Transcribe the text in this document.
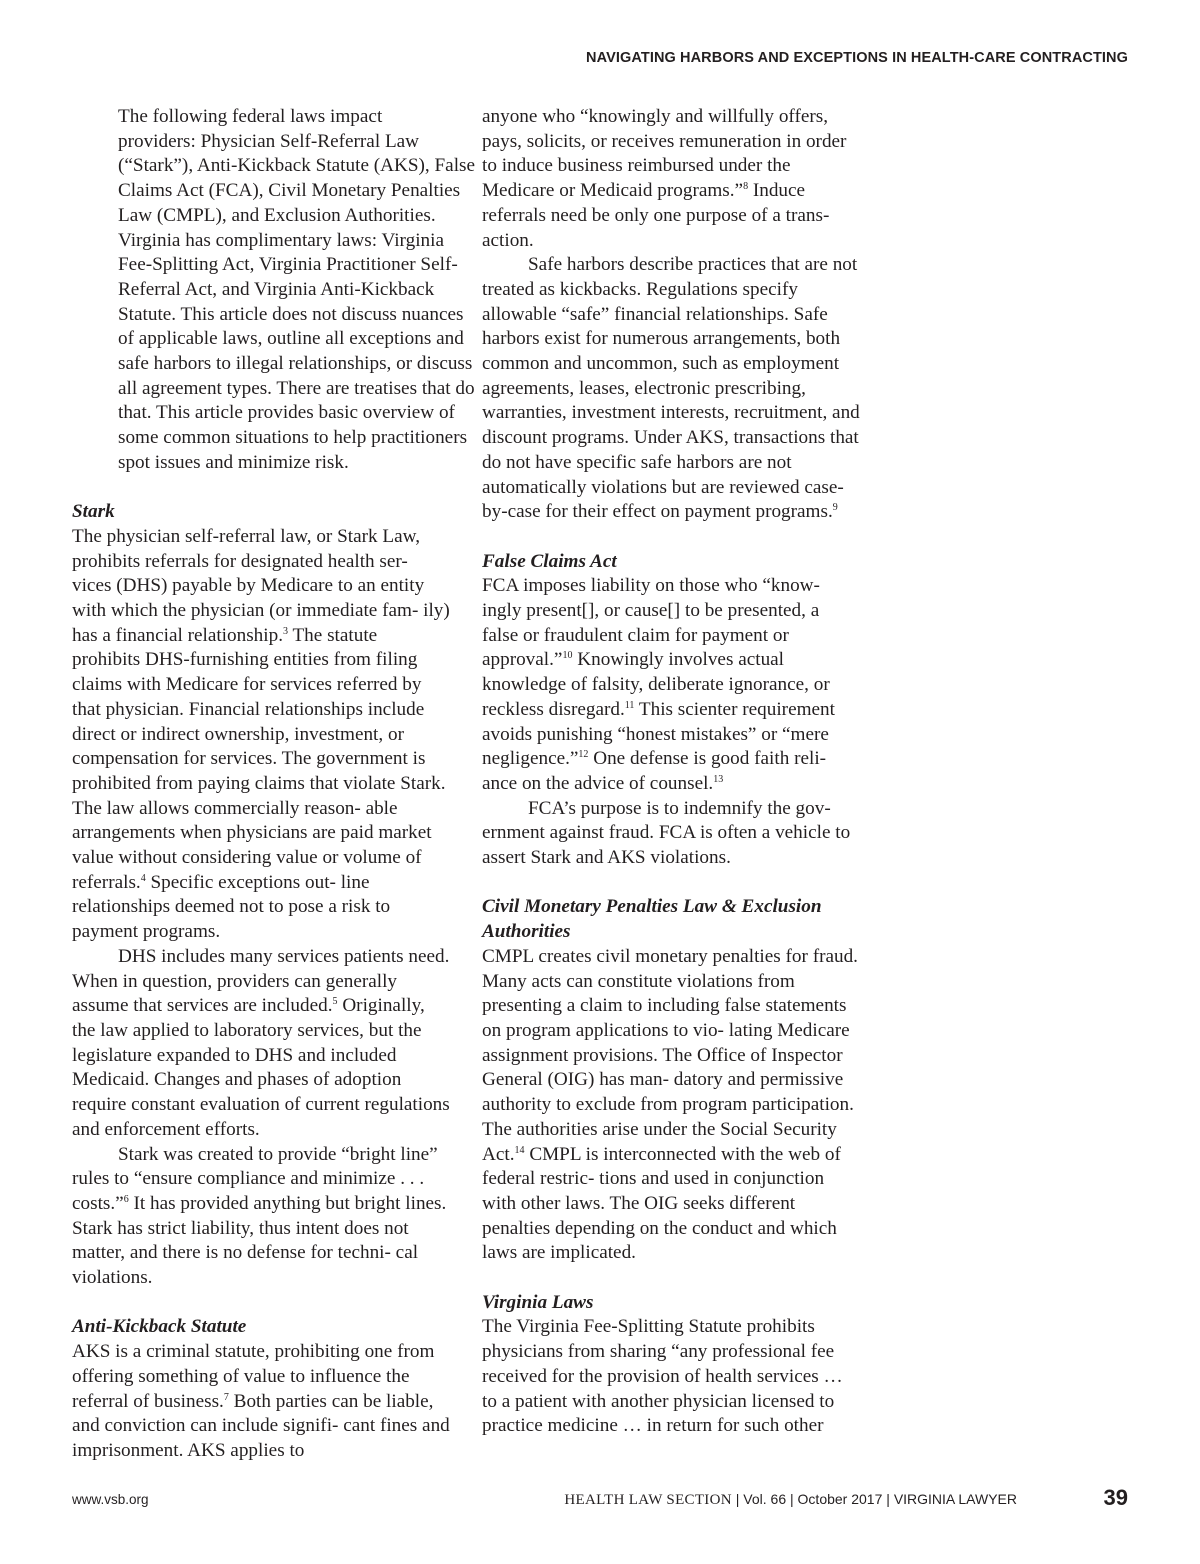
NAVIGATING HARBORS AND EXCEPTIONS IN HEALTH-CARE CONTRACTING

The following federal laws impact
providers: Physician Self-Referral Law
(“Stark”), Anti-Kickback Statute (AKS), False
Claims Act (FCA), Civil Monetary Penalties
Law (CMPL), and Exclusion Authorities.
Virginia has complimentary laws: Virginia
Fee-Splitting Act, Virginia Practitioner Self-
Referral Act, and Virginia Anti-Kickback
Statute. This article does not discuss nuances
of applicable laws, outline all exceptions and
safe harbors to illegal relationships, or discuss
all agreement types. There are treatises that do
that. This article provides basic overview of
some common situations to help practitioners
spot issues and minimize risk.

Stark

The physician self-referral law, or Stark Law, prohibits referrals for designated health ser- vices (DHS) payable by Medicare to an entity with which the physician (or immediate fam- ily) has a financial relationship.$^3$ The statute prohibits DHS-furnishing entities from filing claims with Medicare for services referred by that physician. Financial relationships include direct or indirect ownership, investment, or compensation for services. The government is prohibited from paying claims that violate Stark. The law allows commercially reason- able arrangements when physicians are paid market value without considering value or volume of referrals.$^4$ Specific exceptions out- line relationships deemed not to pose a risk to payment programs.

DHS includes many services patients need. When in question, providers can generally assume that services are included.$^5$ Originally, the law applied to laboratory services, but the legislature expanded to DHS and included Medicaid. Changes and phases of adoption require constant evaluation of current regulations and enforcement efforts.

Stark was created to provide “bright line” rules to “ensure compliance and minimize . . . costs.”$^6$ It has provided anything but bright lines. Stark has strict liability, thus intent does not matter, and there is no defense for techni- cal violations.

Anti-Kickback Statute

AKS is a criminal statute, prohibiting one from offering something of value to influence the referral of business.$^7$ Both parties can be liable, and conviction can include signifi- cant fines and imprisonment. AKS applies to

anyone who “knowingly and willfully offers, pays, solicits, or receives remuneration in order to induce business reimbursed under the Medicare or Medicaid programs.”$^8$ Induce referrals need be only one purpose of a trans- action.

Safe harbors describe practices that are not treated as kickbacks. Regulations specify allowable “safe” financial relationships. Safe harbors exist for numerous arrangements, both common and uncommon, such as employment agreements, leases, electronic prescribing, warranties, investment interests, recruitment, and discount programs. Under AKS, transactions that do not have specific safe harbors are not automatically violations but are reviewed case-by-case for their effect on payment programs.$^9$

False Claims Act

FCA imposes liability on those who “know- ingly present[], or cause[] to be presented, a false or fraudulent claim for payment or approval.”$^{10}$ Knowingly involves actual knowledge of falsity, deliberate ignorance, or reckless disregard.$^{11}$ This scienter requirement avoids punishing “honest mistakes” or “mere negligence.”$^{12}$ One defense is good faith reli- ance on the advice of counsel.$^{13}$

FCA’s purpose is to indemnify the gov- ernment against fraud. FCA is often a vehicle to assert Stark and AKS violations.

Civil Monetary Penalties Law & Exclusion Authorities

CMPL creates civil monetary penalties for fraud. Many acts can constitute violations from presenting a claim to including false statements on program applications to vio- lating Medicare assignment provisions. The Office of Inspector General (OIG) has man- datory and permissive authority to exclude from program participation. The authorities arise under the Social Security Act.$^{14}$ CMPL is interconnected with the web of federal restric- tions and used in conjunction with other laws. The OIG seeks different penalties depending on the conduct and which laws are implicated.

Virginia Laws

The Virginia Fee-Splitting Statute prohibits physicians from sharing “any professional fee received for the provision of health services … to a patient with another physician licensed to practice medicine … in return for such other

www.vsb.org	HEALTH LAW SECTION | Vol. 66 | October 2017 | VIRGINIA LAWYER	39
